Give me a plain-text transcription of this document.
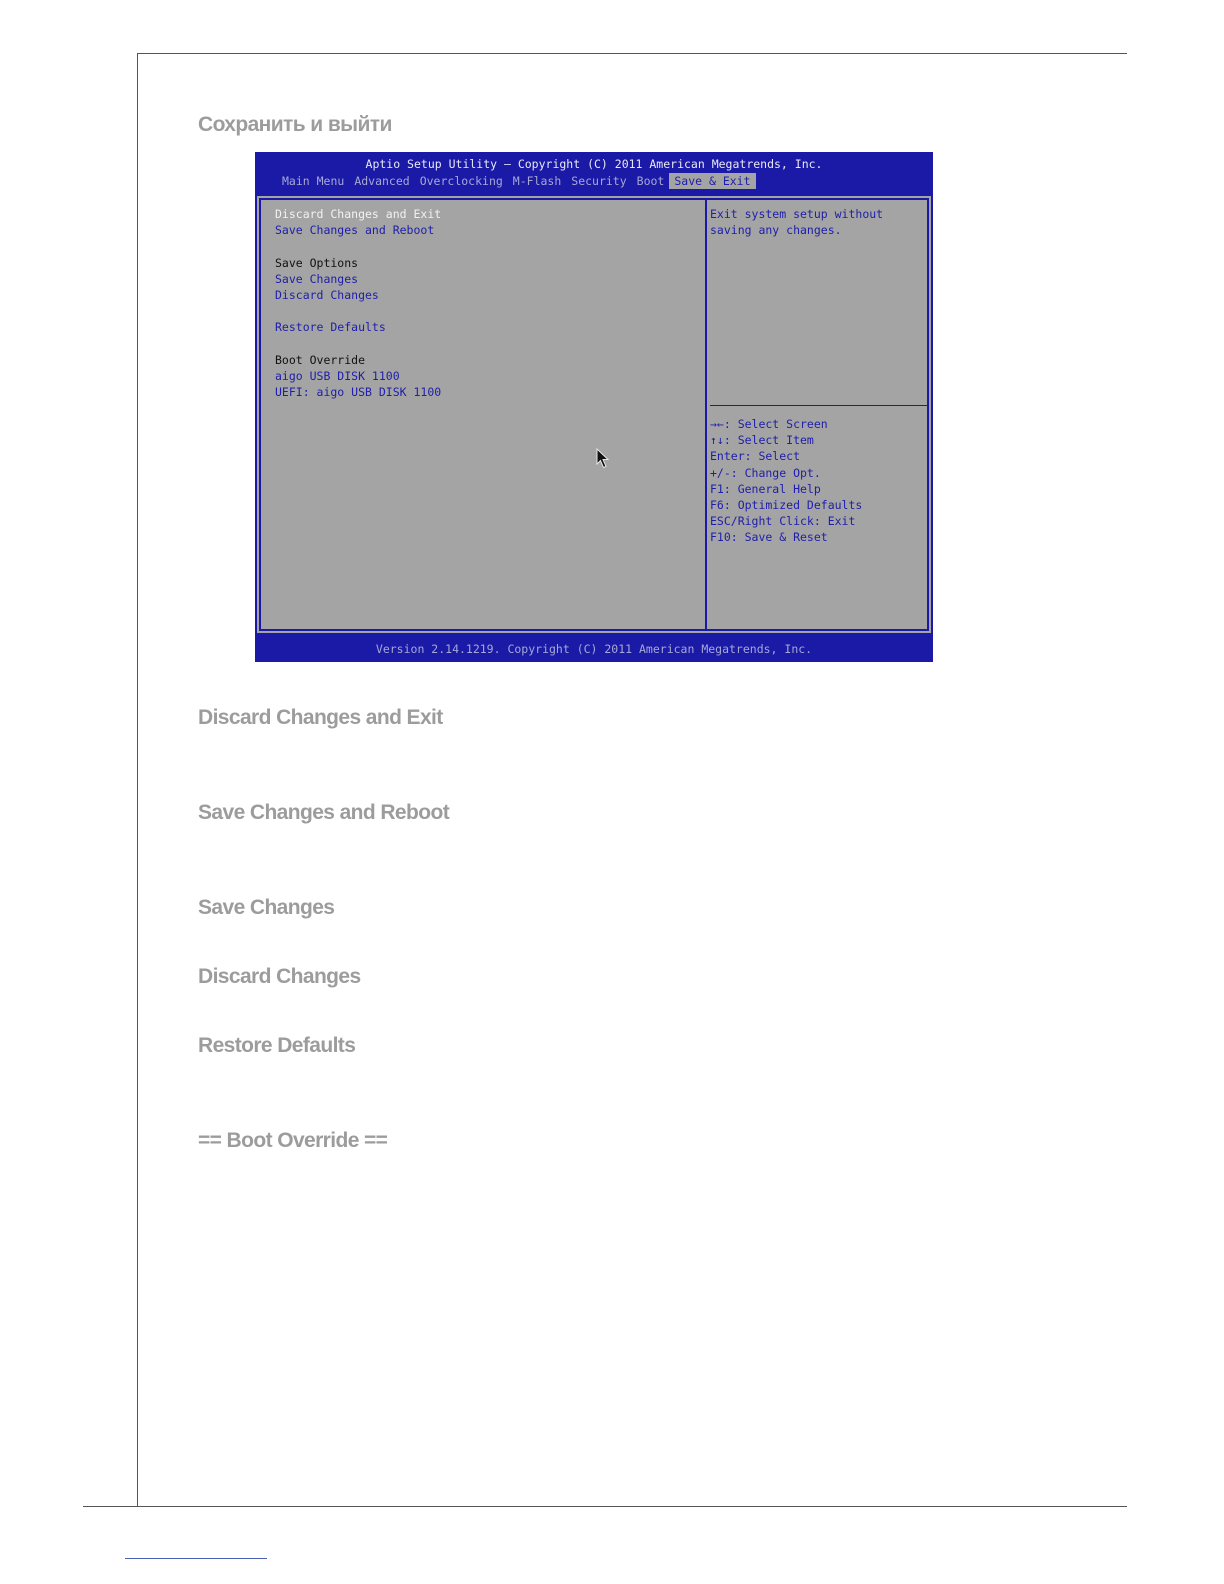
Сохранить и выйти
Aptio Setup Utility – Copyright (C) 2011 American Megatrends, Inc.
Main Menu Advanced Overclocking M-Flash Security Boot Save & Exit
Discard Changes and Exit
Save Changes and Reboot
Save Options
Save Changes
Discard Changes
Restore Defaults
Boot Override
aigo USB DISK 1100
UEFI: aigo USB DISK 1100
Exit system setup without
saving any changes.
→←: Select Screen
↑↓: Select Item
Enter: Select
+/-: Change Opt.
F1: General Help
F6: Optimized Defaults
ESC/Right Click: Exit
F10: Save & Reset
Version 2.14.1219. Copyright (C) 2011 American Megatrends, Inc.
Discard Changes and Exit
Save Changes and Reboot
Save Changes
Discard Changes
Restore Defaults
== Boot Override ==
